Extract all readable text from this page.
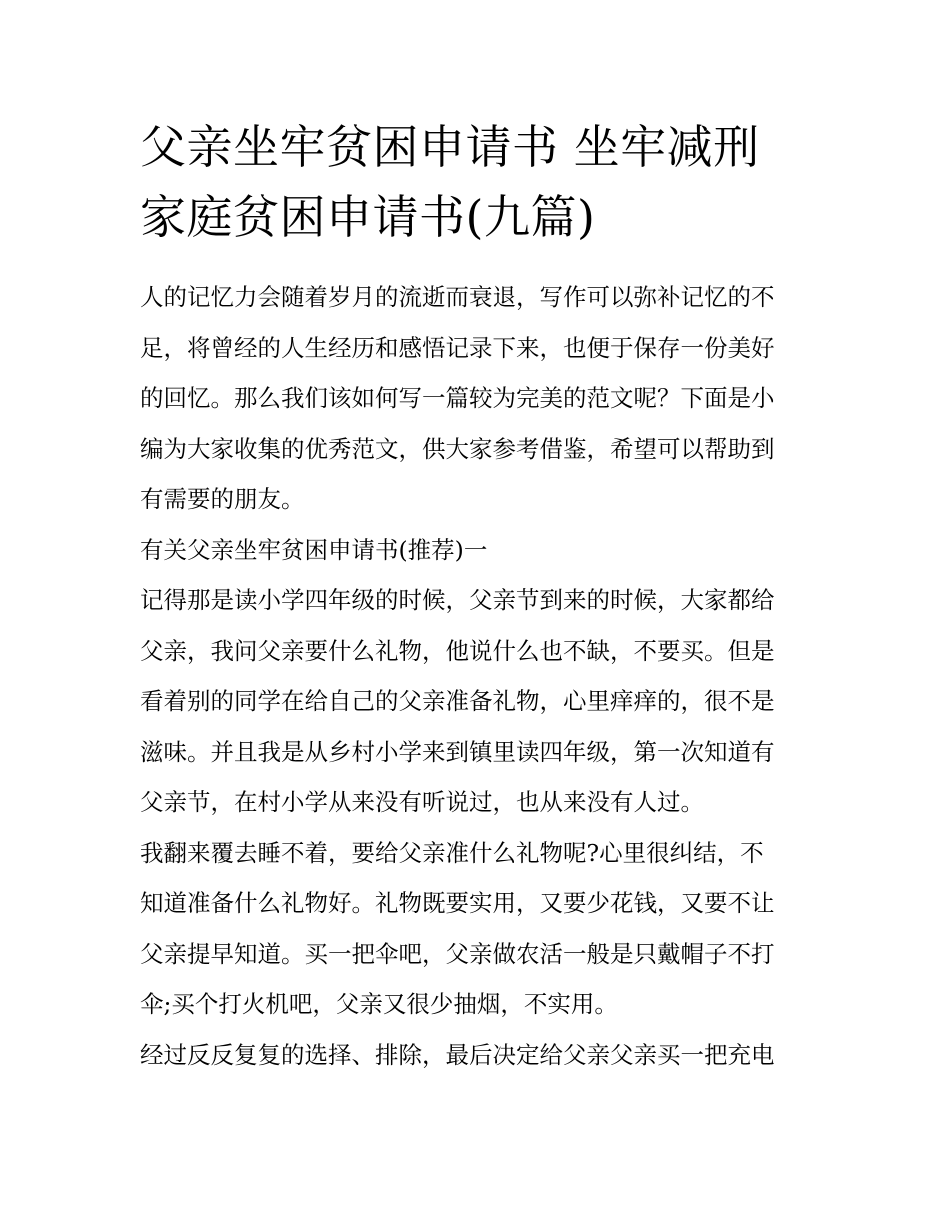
父亲坐牢贫困申请书 坐牢减刑
家庭贫困申请书(九篇)

人的记忆力会随着岁月的流逝而衰退，写作可以弥补记忆的不
足，将曾经的人生经历和感悟记录下来，也便于保存一份美好
的回忆。那么我们该如何写一篇较为完美的范文呢？下面是小
编为大家收集的优秀范文，供大家参考借鉴，希望可以帮助到
有需要的朋友。

有关父亲坐牢贫困申请书(推荐)一

记得那是读小学四年级的时候，父亲节到来的时候，大家都给
父亲，我问父亲要什么礼物，他说什么也不缺，不要买。但是
看着别的同学在给自己的父亲准备礼物，心里痒痒的，很不是
滋味。并且我是从乡村小学来到镇里读四年级，第一次知道有
父亲节，在村小学从来没有听说过，也从来没有人过。

我翻来覆去睡不着，要给父亲准什么礼物呢?心里很纠结，不
知道准备什么礼物好。礼物既要实用，又要少花钱，又要不让
父亲提早知道。买一把伞吧，父亲做农活一般是只戴帽子不打
伞;买个打火机吧，父亲又很少抽烟，不实用。

经过反反复复的选择、排除，最后决定给父亲父亲买一把充电
